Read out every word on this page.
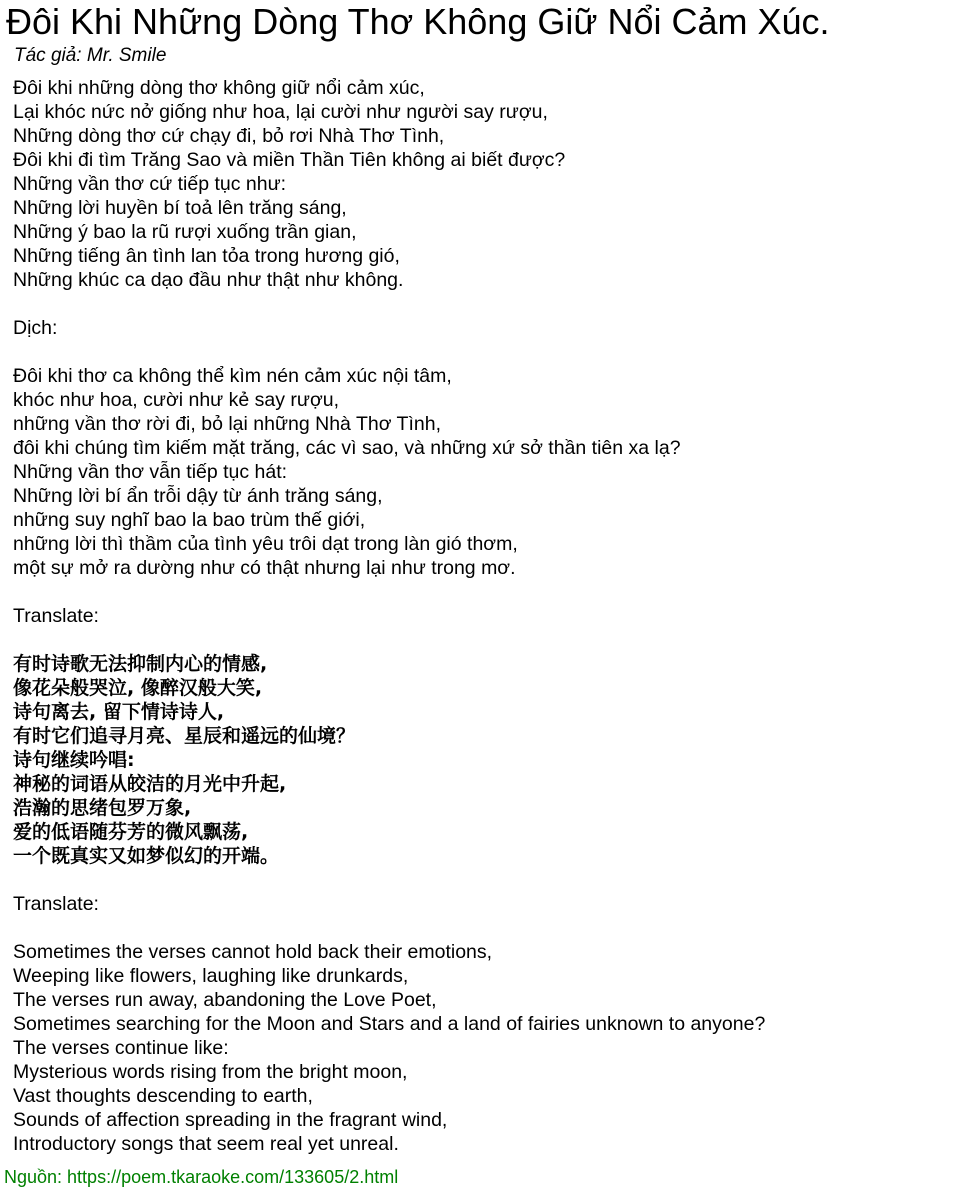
Đôi Khi Những Dòng Thơ Không Giữ Nổi Cảm Xúc.
Tác giả: Mr. Smile
Đôi khi những dòng thơ không giữ nổi cảm xúc,
Lại khóc nức nở giống như hoa, lại cười như người say rượu,
Những dòng thơ cứ chạy đi, bỏ rơi Nhà Thơ Tình,
Đôi khi đi tìm Trăng Sao và miền Thần Tiên không ai biết được?
Những vần thơ cứ tiếp tục như:
Những lời huyền bí toả lên trăng sáng,
Những ý bao la rũ rượi xuống trần gian,
Những tiếng ân tình lan tỏa trong hương gió,
Những khúc ca dạo đầu như thật như không.
Dịch:
Đôi khi thơ ca không thể kìm nén cảm xúc nội tâm,
khóc như hoa, cười như kẻ say rượu,
những vần thơ rời đi, bỏ lại những Nhà Thơ Tình,
đôi khi chúng tìm kiếm mặt trăng, các vì sao, và những xứ sở thần tiên xa lạ?
Những vần thơ vẫn tiếp tục hát:
Những lời bí ẩn trỗi dậy từ ánh trăng sáng,
những suy nghĩ bao la bao trùm thế giới,
những lời thì thầm của tình yêu trôi dạt trong làn gió thơm,
một sự mở ra dường như có thật nhưng lại như trong mơ.
Translate:
有时诗歌无法抑制内心的情感,
像花朵般哭泣, 像醉汉般大笑,
诗句离去, 留下情诗诗人,
有时它们追寻月亮、星辰和遥远的仙境？
诗句继续吟唱:
神秘的词语从皎洁的月光中升起,
浩瀚的思绪包罗万象,
爱的低语随芬芳的微风飘荡,
一个既真实又如梦似幻的开端。
Translate:
Sometimes the verses cannot hold back their emotions,
Weeping like flowers, laughing like drunkards,
The verses run away, abandoning the Love Poet,
Sometimes searching for the Moon and Stars and a land of fairies unknown to anyone?
The verses continue like:
Mysterious words rising from the bright moon,
Vast thoughts descending to earth,
Sounds of affection spreading in the fragrant wind,
Introductory songs that seem real yet unreal.
Nguồn: https://poem.tkaraoke.com/133605/2.html
